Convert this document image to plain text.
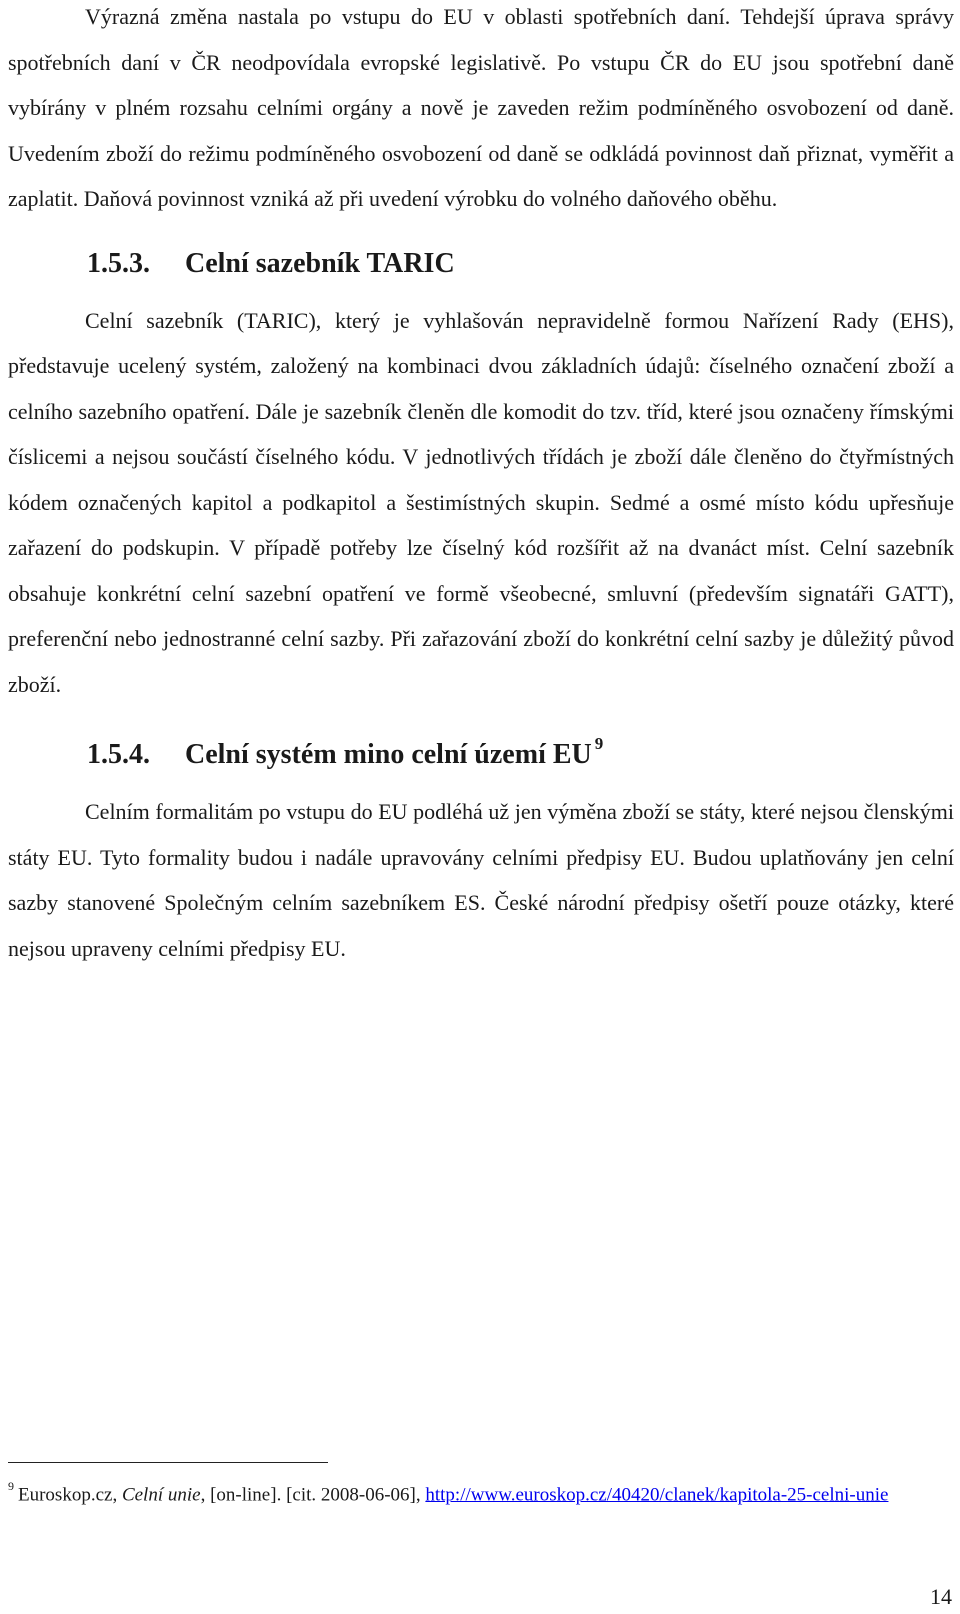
Výrazná změna nastala po vstupu do EU v oblasti spotřebních daní. Tehdejší úprava správy spotřebních daní v ČR neodpovídala evropské legislativě. Po vstupu ČR do EU jsou spotřební daně vybírány v plném rozsahu celními orgány a nově je zaveden režim podmíněného osvobození od daně. Uvedením zboží do režimu podmíněného osvobození od daně se odkládá povinnost daň přiznat, vyměřit a zaplatit. Daňová povinnost vzniká až při uvedení výrobku do volného daňového oběhu.

1.5.3.	Celní sazebník TARIC

Celní sazebník (TARIC), který je vyhlašován nepravidelně formou Nařízení Rady (EHS), představuje ucelený systém, založený na kombinaci dvou základních údajů: číselného označení zboží a celního sazebního opatření. Dále je sazebník členěn dle komodit do tzv. tříd, které jsou označeny římskými číslicemi a nejsou součástí číselného kódu. V jednotlivých třídách je zboží dále členěno do čtyřmístných kódem označených kapitol a podkapitol a šestimístných skupin. Sedmé a osmé místo kódu upřesňuje zařazení do podskupin. V případě potřeby lze číselný kód rozšířit až na dvanáct míst. Celní sazebník obsahuje konkrétní celní sazební opatření ve formě všeobecné, smluvní (především signatáři GATT), preferenční nebo jednostranné celní sazby. Při zařazování zboží do konkrétní celní sazby je důležitý původ zboží.

1.5.4.	Celní systém mino celní území EU $^9$

Celním formalitám po vstupu do EU podléhá už jen výměna zboží se státy, které nejsou členskými státy EU. Tyto formality budou i nadále upravovány celními předpisy EU. Budou uplatňovány jen celní sazby stanovené Společným celním sazebníkem ES. České národní předpisy ošetří pouze otázky, které nejsou upraveny celními předpisy EU.

$^9$ Euroskop.cz, Celní unie, [on-line]. [cit. 2008-06-06], http://www.euroskop.cz/40420/clanek/kapitola-25-celni-unie

14
